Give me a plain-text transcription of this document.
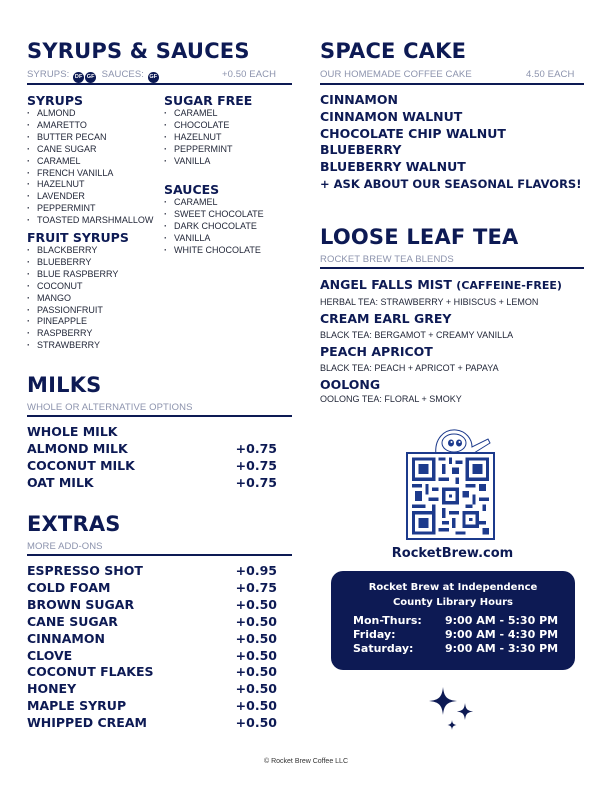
SYRUPS & SAUCES
SYRUPS: DF GF SAUCES: GF	+0.50 EACH
SYRUPS
· ALMOND
· AMARETTO
· BUTTER PECAN
· CANE SUGAR
· CARAMEL
· FRENCH VANILLA
· HAZELNUT
· LAVENDER
· PEPPERMINT
· TOASTED MARSHMALLOW
FRUIT SYRUPS
· BLACKBERRY
· BLUEBERRY
· BLUE RASPBERRY
· COCONUT
· MANGO
· PASSIONFRUIT
· PINEAPPLE
· RASPBERRY
· STRAWBERRY
SUGAR FREE
· CARAMEL
· CHOCOLATE
· HAZELNUT
· PEPPERMINT
· VANILLA
SAUCES
· CARAMEL
· SWEET CHOCOLATE
· DARK CHOCOLATE
· VANILLA
· WHITE CHOCOLATE
MILKS
WHOLE OR ALTERNATIVE OPTIONS
WHOLE MILK
ALMOND MILK	+0.75
COCONUT MILK	+0.75
OAT MILK	+0.75
EXTRAS
MORE ADD-ONS
ESPRESSO SHOT	+0.95
COLD FOAM	+0.75
BROWN SUGAR	+0.50
CANE SUGAR	+0.50
CINNAMON	+0.50
CLOVE	+0.50
COCONUT FLAKES	+0.50
HONEY	+0.50
MAPLE SYRUP	+0.50
WHIPPED CREAM	+0.50
SPACE CAKE
OUR HOMEMADE COFFEE CAKE	4.50 EACH
CINNAMON
CINNAMON WALNUT
CHOCOLATE CHIP WALNUT
BLUEBERRY
BLUEBERRY WALNUT
+ ASK ABOUT OUR SEASONAL FLAVORS!
LOOSE LEAF TEA
ROCKET BREW TEA BLENDS
ANGEL FALLS MIST (CAFFEINE-FREE)
HERBAL TEA: STRAWBERRY + HIBISCUS + LEMON
CREAM EARL GREY
BLACK TEA: BERGAMOT + CREAMY VANILLA
PEACH APRICOT
BLACK TEA: PEACH + APRICOT + PAPAYA
OOLONG
OOLONG TEA: FLORAL + SMOKY
RocketBrew.com
Rocket Brew at Independence
County Library Hours
Mon-Thurs:	9:00 AM - 5:30 PM
Friday:	9:00 AM - 4:30 PM
Saturday:	9:00 AM - 3:30 PM
© Rocket Brew Coffee LLC
